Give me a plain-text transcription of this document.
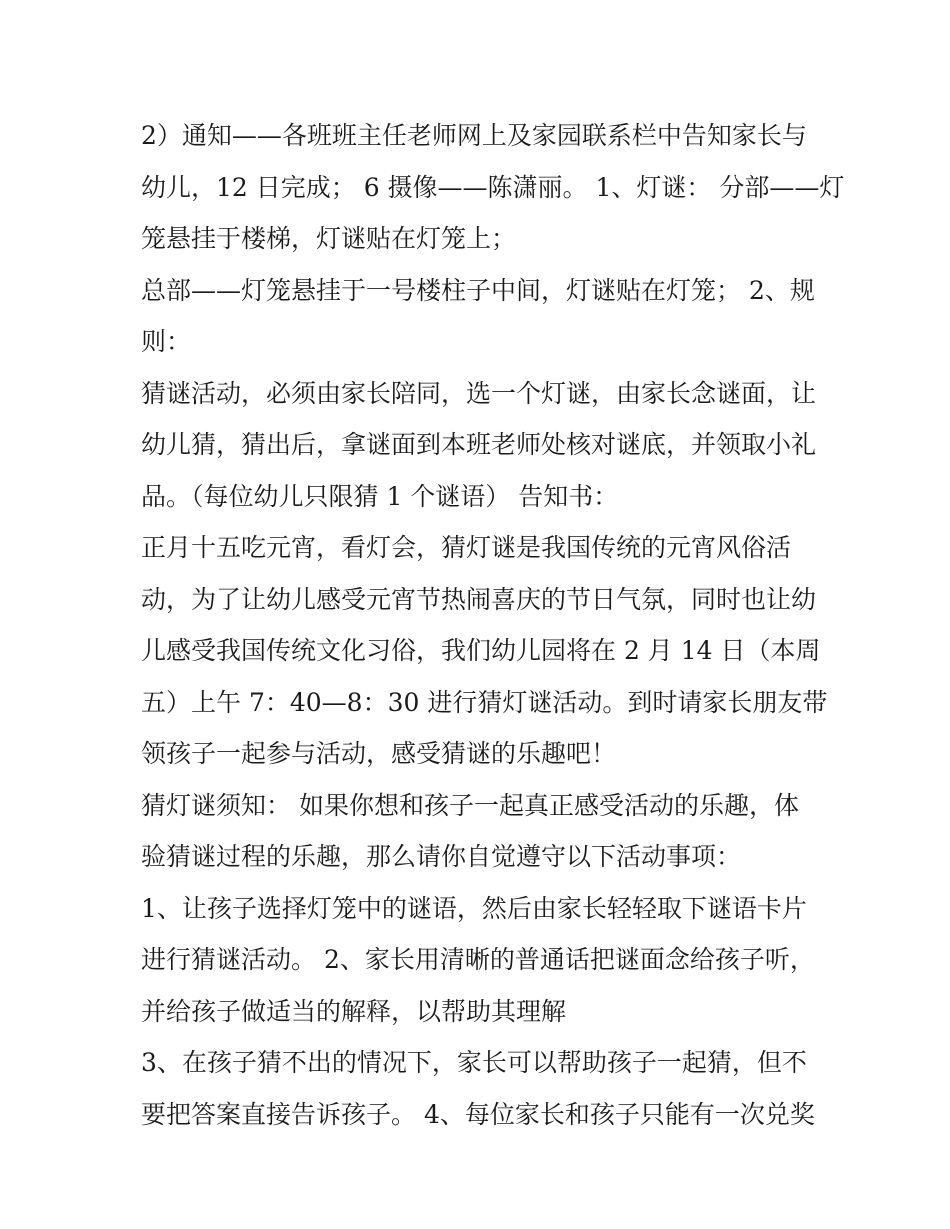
2）通知——各班班主任老师网上及家园联系栏中告知家长与
幼儿，12 日完成； 6 摄像——陈潇丽。 1、灯谜： 分部——灯
笼悬挂于楼梯，灯谜贴在灯笼上；
总部——灯笼悬挂于一号楼柱子中间，灯谜贴在灯笼； 2、规
则：
猜谜活动，必须由家长陪同，选一个灯谜，由家长念谜面，让
幼儿猜，猜出后，拿谜面到本班老师处核对谜底，并领取小礼
品。（每位幼儿只限猜 1 个谜语） 告知书：
正月十五吃元宵，看灯会，猜灯谜是我国传统的元宵风俗活
动，为了让幼儿感受元宵节热闹喜庆的节日气氛，同时也让幼
儿感受我国传统文化习俗，我们幼儿园将在 2 月 14 日（本周
五）上午 7：40—8：30 进行猜灯谜活动。到时请家长朋友带
领孩子一起参与活动，感受猜谜的乐趣吧！
猜灯谜须知： 如果你想和孩子一起真正感受活动的乐趣，体
验猜谜过程的乐趣，那么请你自觉遵守以下活动事项：
1、让孩子选择灯笼中的谜语，然后由家长轻轻取下谜语卡片
进行猜谜活动。 2、家长用清晰的普通话把谜面念给孩子听，
并给孩子做适当的解释，以帮助其理解
3、在孩子猜不出的情况下，家长可以帮助孩子一起猜，但不
要把答案直接告诉孩子。 4、每位家长和孩子只能有一次兑奖
